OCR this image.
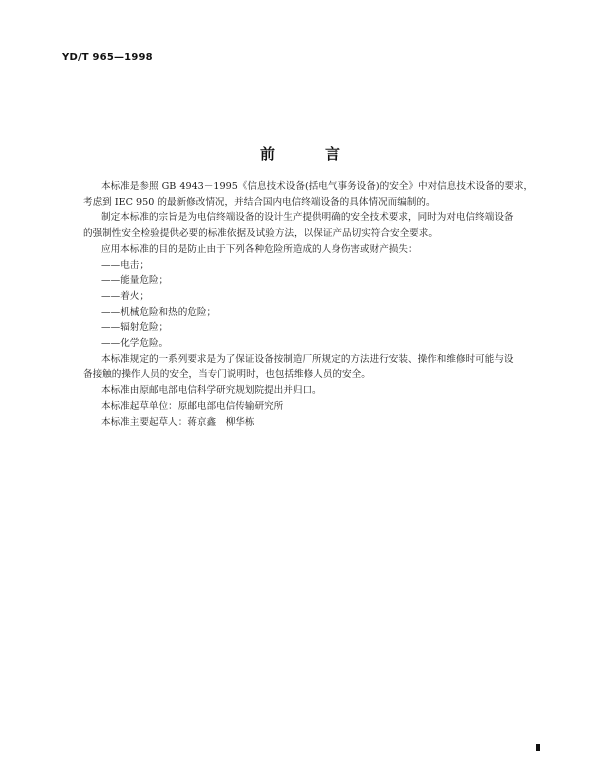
YD/T 965—1998
前	言
本标准是参照 GB 4943－1995《信息技术设备(括电气事务设备)的安全》中对信息技术设备的要求，
考虑到 IEC 950 的最新修改情况，并结合国内电信终端设备的具体情况而编制的。
制定本标准的宗旨是为电信终端设备的设计生产提供明确的安全技术要求，同时为对电信终端设备
的强制性安全检验提供必要的标准依据及试验方法，以保证产品切实符合安全要求。
应用本标准的目的是防止由于下列各种危险所造成的人身伤害或财产损失：
——电击；
——能量危险；
——着火；
——机械危险和热的危险；
——辐射危险；
——化学危险。
本标准规定的一系列要求是为了保证设备按制造厂所规定的方法进行安装、操作和维修时可能与设
备接触的操作人员的安全，当专门说明时，也包括维修人员的安全。
本标准由原邮电部电信科学研究规划院提出并归口。
本标准起草单位：原邮电部电信传输研究所
本标准主要起草人：蒋京鑫　柳华栋
